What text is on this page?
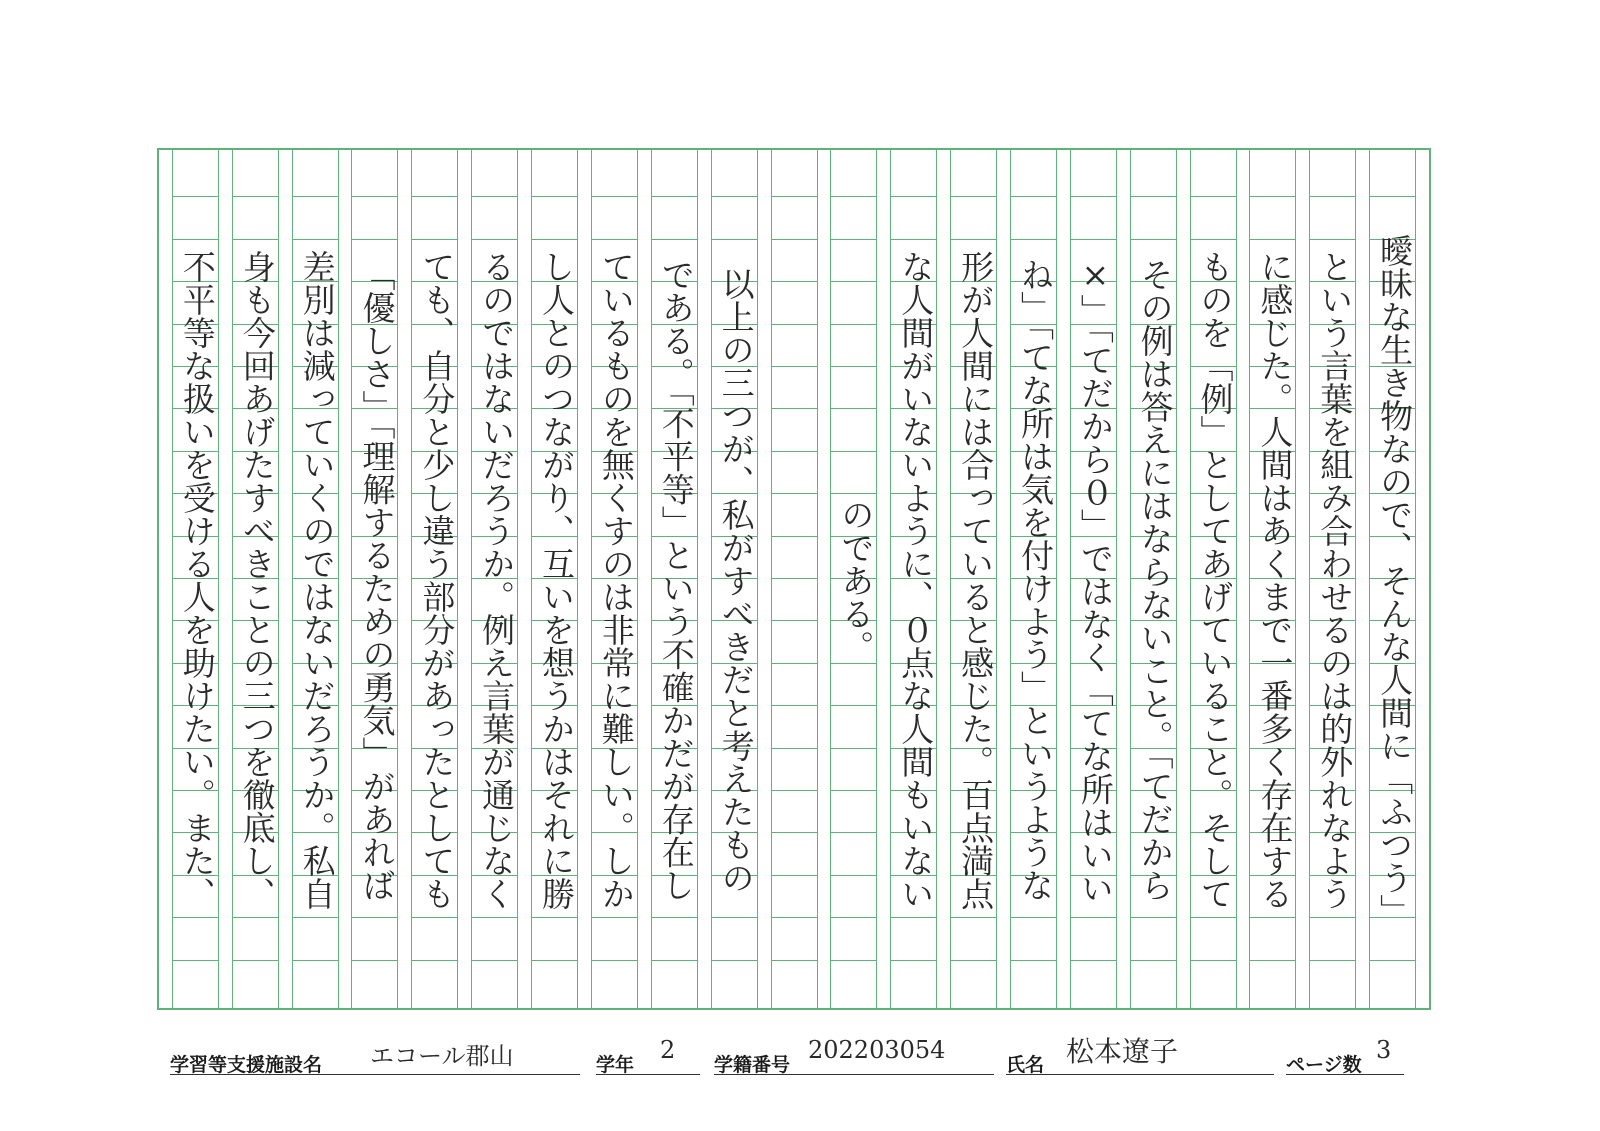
曖昧な生き物なので、そんな人間に「ふつう」
という言葉を組み合わせるのは的外れなよう
に感じた。人間はあくまで一番多く存在する
ものを「例」としてあげていること。そして
その例は答えにはならないこと。「てだから
×」「てだから０」ではなく「てな所はいい
ね」「てな所は気を付けよう」というような
形が人間には合っていると感じた。百点満点
な人間がいないように、０点な人間もいない
のである。
以上の三つが、私がすべきだと考えたもの
である。「不平等」という不確かだが存在し
ているものを無くすのは非常に難しい。しか
し人とのつながり、互いを想うかはそれに勝
るのではないだろうか。例え言葉が通じなく
ても、自分と少し違う部分があったとしても
「優しさ」「理解するための勇気」があれば
差別は減っていくのではないだろうか。私自
身も今回あげたすべきことの三つを徹底し、
不平等な扱いを受ける人を助けたい。また、
学習等支援施設名 エコール郡山	学年
2
学籍番号
202203054
氏名 松本遼子	ページ数
3
